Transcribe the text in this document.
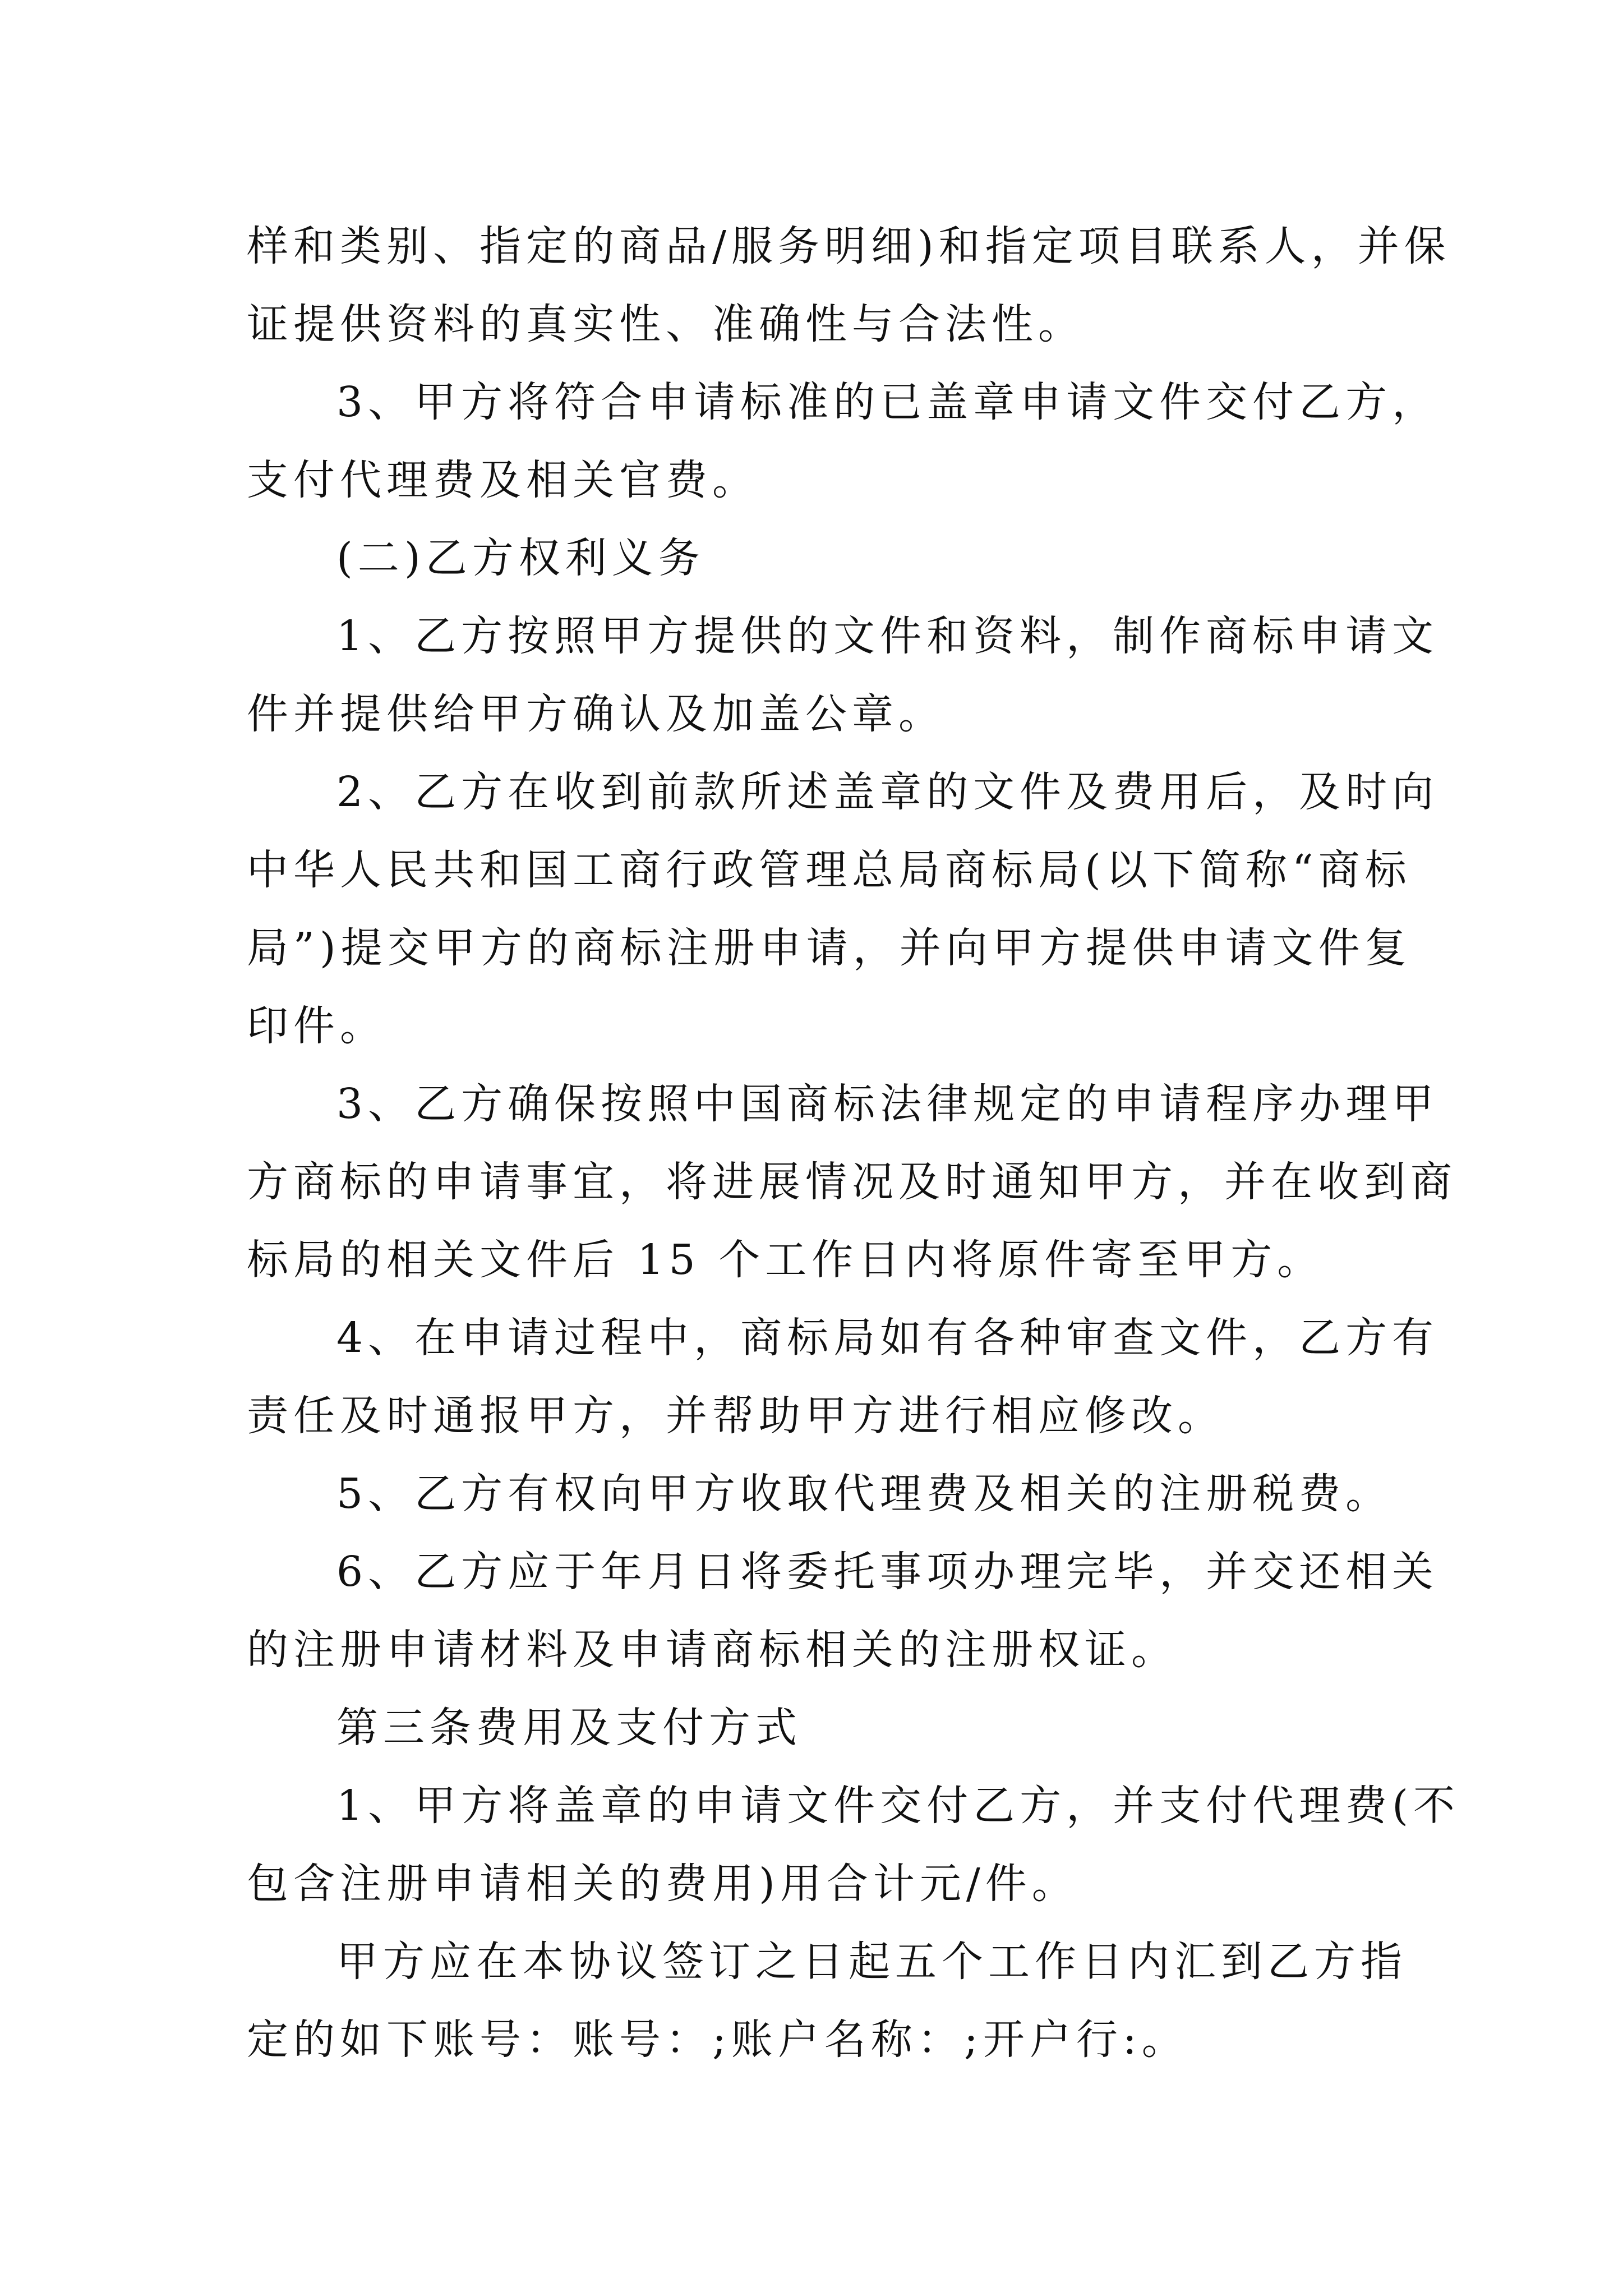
样和类别、指定的商品/服务明细)和指定项目联系人，并保
证提供资料的真实性、准确性与合法性。
3、甲方将符合申请标准的已盖章申请文件交付乙方，
支付代理费及相关官费。
(二)乙方权利义务
1、乙方按照甲方提供的文件和资料，制作商标申请文
件并提供给甲方确认及加盖公章。
2、乙方在收到前款所述盖章的文件及费用后，及时向
中华人民共和国工商行政管理总局商标局(以下简称“商标
局”)提交甲方的商标注册申请，并向甲方提供申请文件复
印件。
3、乙方确保按照中国商标法律规定的申请程序办理甲
方商标的申请事宜，将进展情况及时通知甲方，并在收到商
标局的相关文件后 15 个工作日内将原件寄至甲方。
4、在申请过程中，商标局如有各种审查文件，乙方有
责任及时通报甲方，并帮助甲方进行相应修改。
5、乙方有权向甲方收取代理费及相关的注册税费。
6、乙方应于年月日将委托事项办理完毕，并交还相关
的注册申请材料及申请商标相关的注册权证。
第三条费用及支付方式
1、甲方将盖章的申请文件交付乙方，并支付代理费(不
包含注册申请相关的费用)用合计元/件。
甲方应在本协议签订之日起五个工作日内汇到乙方指
定的如下账号：账号：;账户名称：;开户行:。
